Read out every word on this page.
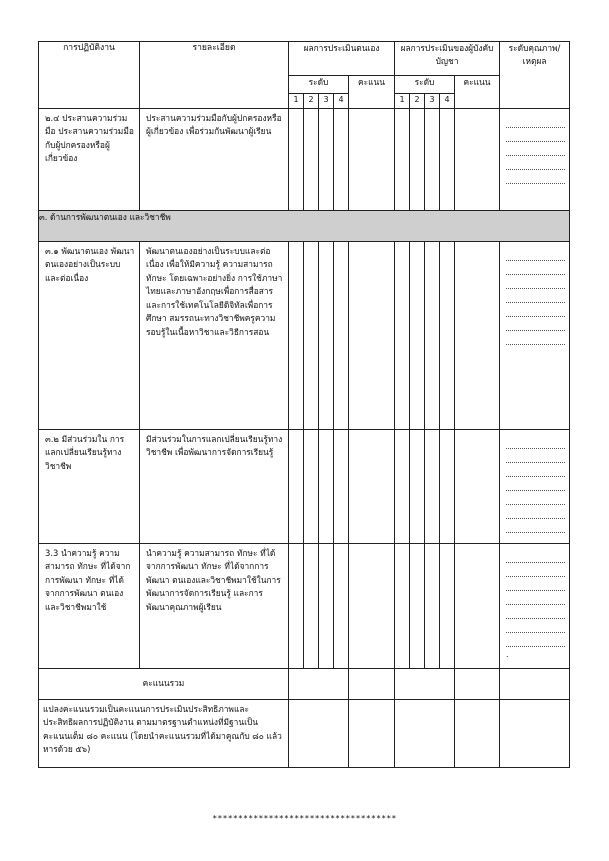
การปฏิบัติงาน	รายละเอียด	ผลการประเมินตนเอง					ผลการประเมินของผู้บังคับบัญชา					ระดับคุณภาพ/ เหตุผล
		ระดับ				คะแนน	ระดับ				คะแนน	
		1	2	3	4		1	2	3	4		
๒.๔ ประสานความร่วมมือ ประสานความร่วมมือกับผู้ปกครองหรือผู้เกี่ยวข้อง	ประสานความร่วมมือกับผู้ปกครองหรือผู้เกี่ยวข้อง เพื่อร่วมกันพัฒนาผู้เรียน											

๓. ด้านการพัฒนาตนเอง และวิชาชีพ												
๓.๑ พัฒนาตนเอง พัฒนาตนเองอย่างเป็นระบบและต่อเนื่อง	พัฒนาตนเองอย่างเป็นระบบและต่อเนื่อง เพื่อให้มีความรู้ ความสามารถ ทักษะ โดยเฉพาะอย่างยิ่ง การใช้ภาษาไทยและภาษาอังกฤษเพื่อการสื่อสาร และการใช้เทคโนโลยีดิจิทัลเพื่อการศึกษา สมรรถนะทางวิชาชีพครูความรอบรู้ในเนื้อหาวิชาและวิธีการสอน											

๓.๒ มีส่วนร่วมใน การ แลกเปลี่ยนเรียนรู้ทางวิชาชีพ	มีส่วนร่วมในการแลกเปลี่ยนเรียนรู้ทางวิชาชีพ เพื่อพัฒนาการจัดการเรียนรู้											

3.3 นำความรู้ ความสามารถ ทักษะ ที่ได้จากการพัฒนา ทักษะ ที่ได้จากการพัฒนา ตนเองและวิชาชีพมาใช้	นำความรู้ ความสามารถ ทักษะ ที่ได้จากการพัฒนา ทักษะ ที่ได้จากการพัฒนา ตนเองและวิชาชีพมาใช้ในการพัฒนาการจัดการเรียนรู้ และการพัฒนาคุณภาพผู้เรียน											.
คะแนนรวม												
แปลงคะแนนรวมเป็นคะแนนการประเมินประสิทธิภาพและประสิทธิผลการปฏิบัติงาน ตามมาตรฐานตำแหน่งที่มีฐานเป็น คะแนนเต็ม ๘๐ คะแนน (โดยนำคะแนนรวมที่ได้มาคูณกับ ๘๐ แล้วหารด้วย ๕๖)												
************************************
